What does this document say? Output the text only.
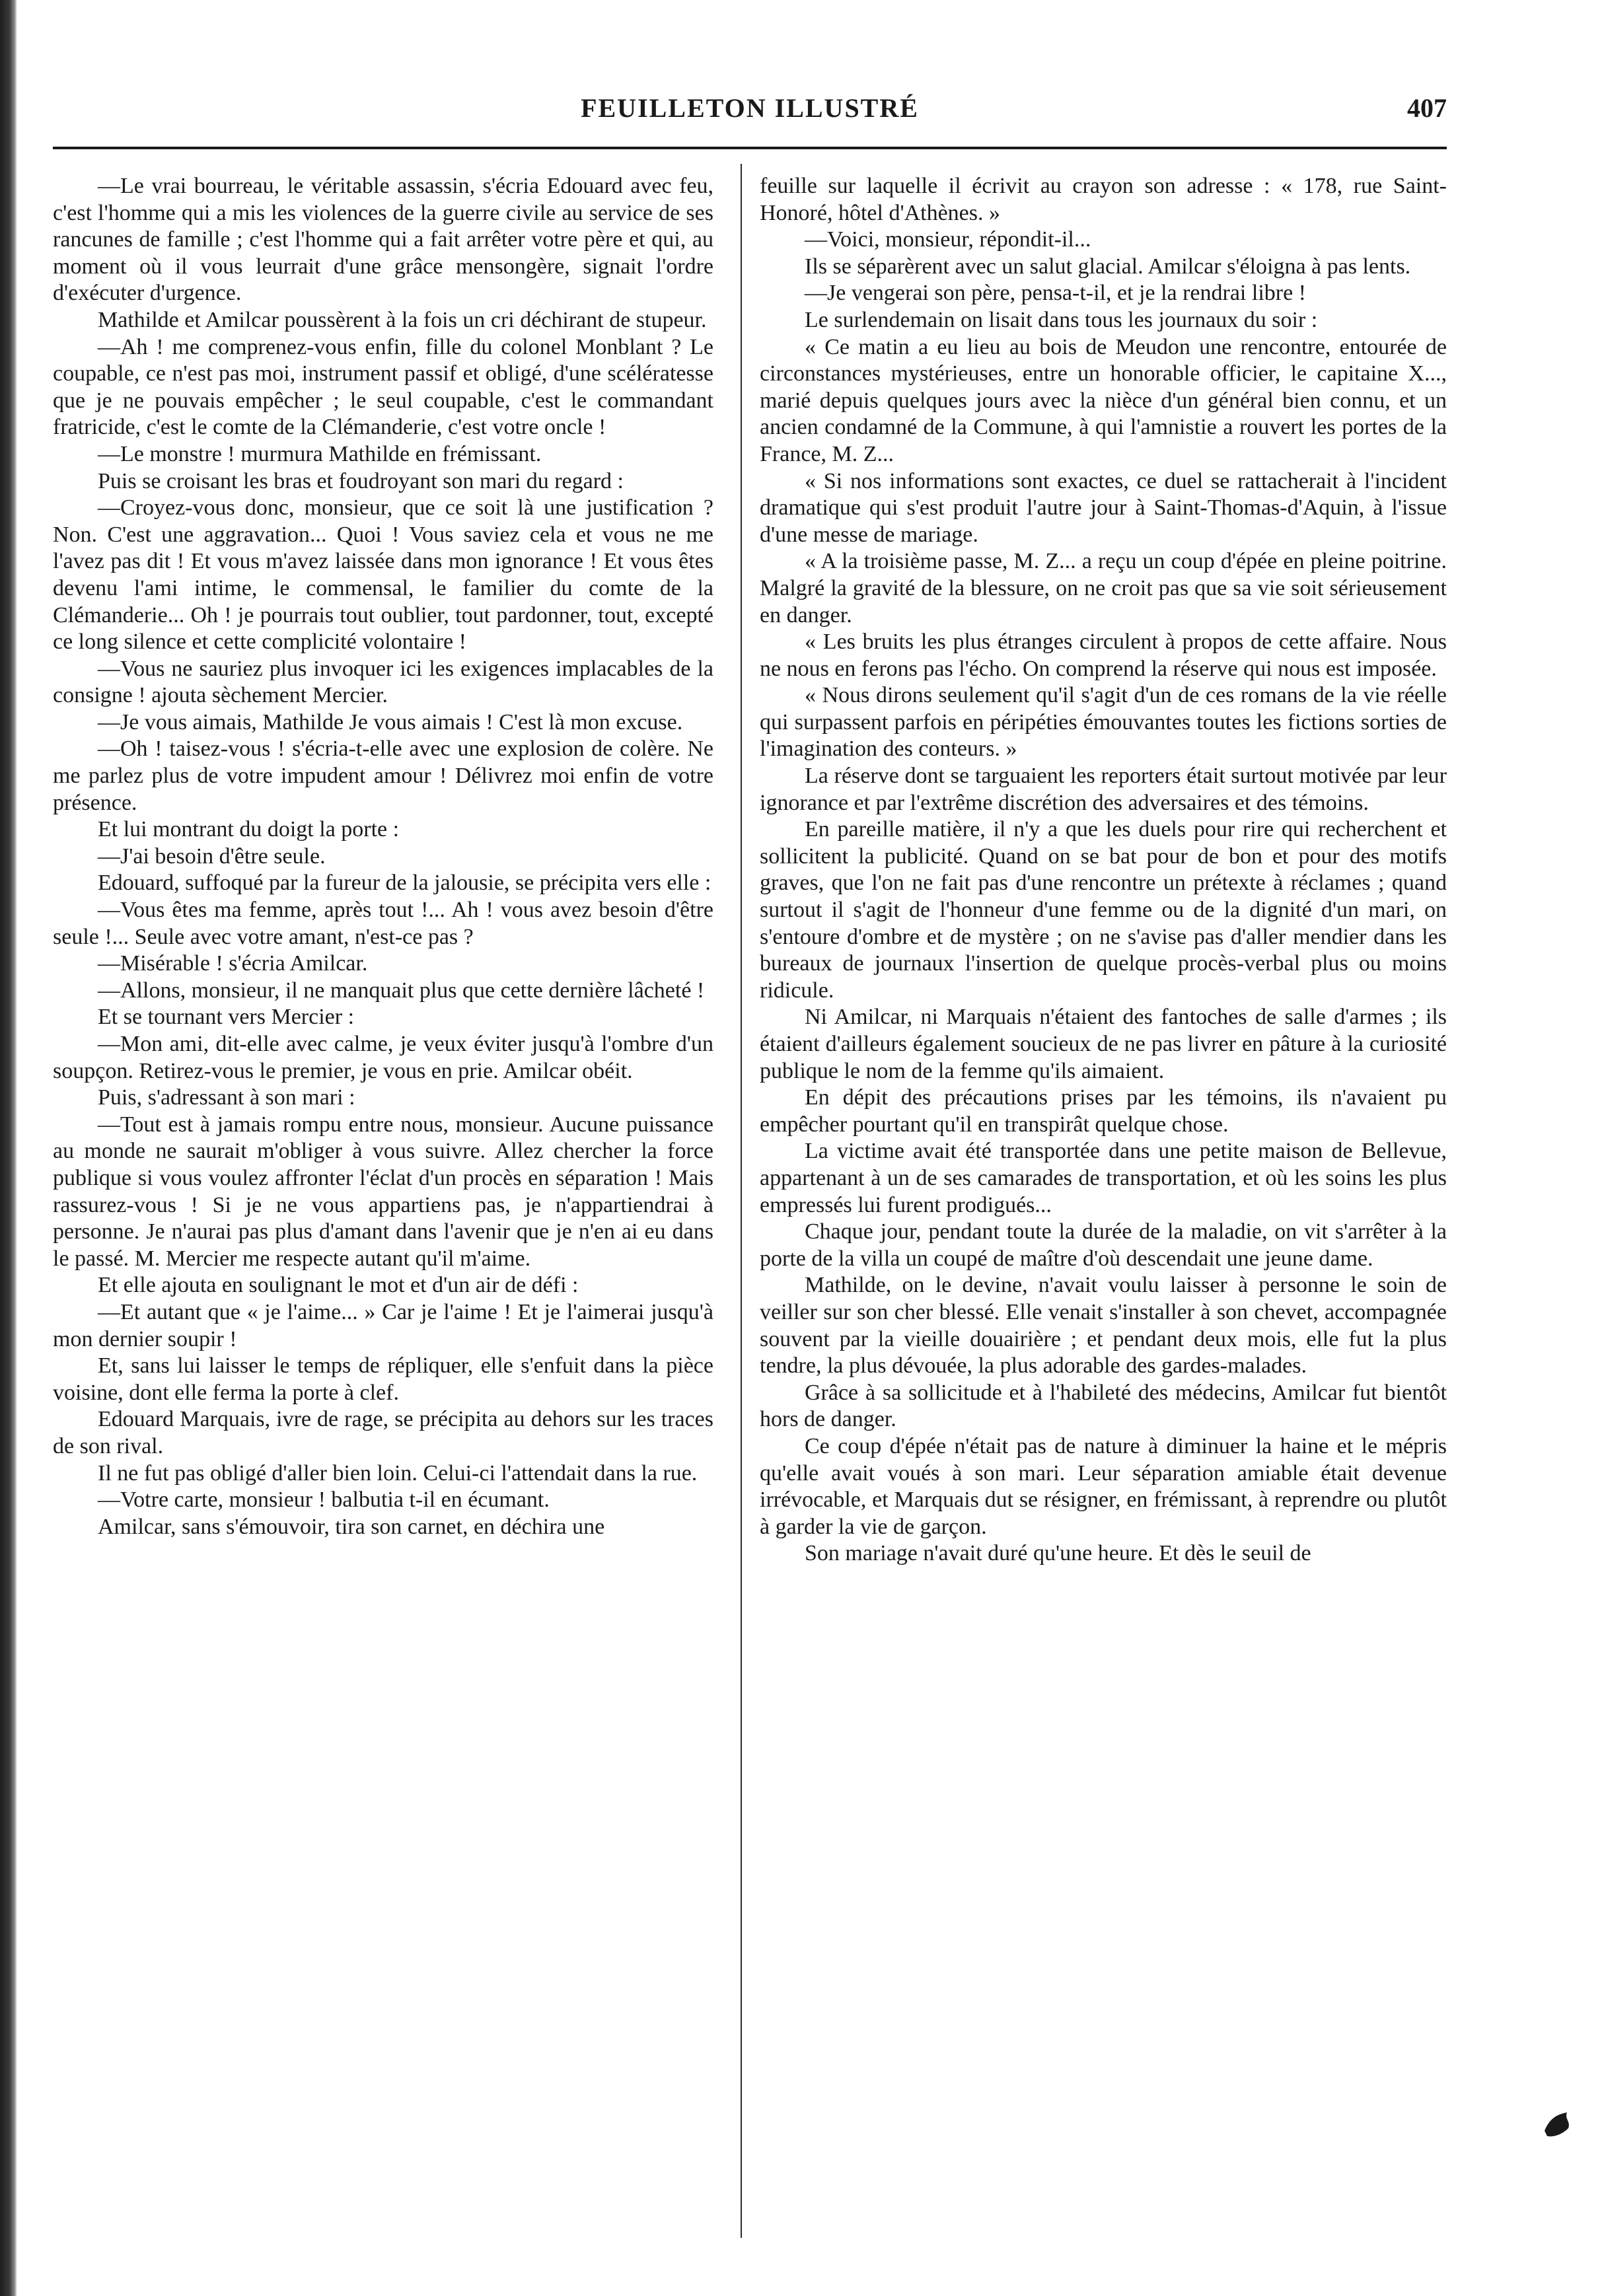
FEUILLETON ILLUSTRÉ	407

—Le vrai bourreau, le véritable assassin, s'écria Edouard avec feu, c'est l'homme qui a mis les violences de la guerre civile au service de ses rancunes de famille ; c'est l'homme qui a fait arrêter votre père et qui, au moment où il vous leurrait d'une grâce mensongère, signait l'ordre d'exécuter d'urgence.

Mathilde et Amilcar poussèrent à la fois un cri déchirant de stupeur.

—Ah ! me comprenez-vous enfin, fille du colonel Monblant ? Le coupable, ce n'est pas moi, instrument passif et obligé, d'une scélératesse que je ne pouvais empêcher ; le seul coupable, c'est le commandant fratricide, c'est le comte de la Clémanderie, c'est votre oncle !

—Le monstre ! murmura Mathilde en frémissant.

Puis se croisant les bras et foudroyant son mari du regard :

—Croyez-vous donc, monsieur, que ce soit là une justification ? Non. C'est une aggravation... Quoi ! Vous saviez cela et vous ne me l'avez pas dit ! Et vous m'avez laissée dans mon ignorance ! Et vous êtes devenu l'ami intime, le commensal, le familier du comte de la Clémanderie... Oh ! je pourrais tout oublier, tout pardonner, tout, excepté ce long silence et cette complicité volontaire !

—Vous ne sauriez plus invoquer ici les exigences implacables de la consigne ! ajouta sèchement Mercier.

—Je vous aimais, Mathilde Je vous aimais ! C'est là mon excuse.

—Oh ! taisez-vous ! s'écria-t-elle avec une explosion de colère. Ne me parlez plus de votre impudent amour ! Délivrez moi enfin de votre présence.

Et lui montrant du doigt la porte :

—J'ai besoin d'être seule.

Edouard, suffoqué par la fureur de la jalousie, se précipita vers elle :

—Vous êtes ma femme, après tout !... Ah ! vous avez besoin d'être seule !... Seule avec votre amant, n'est-ce pas ?

—Misérable ! s'écria Amilcar.

—Allons, monsieur, il ne manquait plus que cette dernière lâcheté !

Et se tournant vers Mercier :

—Mon ami, dit-elle avec calme, je veux éviter jusqu'à l'ombre d'un soupçon. Retirez-vous le premier, je vous en prie. Amilcar obéit.

Puis, s'adressant à son mari :

—Tout est à jamais rompu entre nous, monsieur. Aucune puissance au monde ne saurait m'obliger à vous suivre. Allez chercher la force publique si vous voulez affronter l'éclat d'un procès en séparation ! Mais rassurez-vous ! Si je ne vous appartiens pas, je n'appartiendrai à personne. Je n'aurai pas plus d'amant dans l'avenir que je n'en ai eu dans le passé. M. Mercier me respecte autant qu'il m'aime.

Et elle ajouta en soulignant le mot et d'un air de défi :

—Et autant que « je l'aime... » Car je l'aime ! Et je l'aimerai jusqu'à mon dernier soupir !

Et, sans lui laisser le temps de répliquer, elle s'enfuit dans la pièce voisine, dont elle ferma la porte à clef.

Edouard Marquais, ivre de rage, se précipita au dehors sur les traces de son rival.

Il ne fut pas obligé d'aller bien loin. Celui-ci l'attendait dans la rue.

—Votre carte, monsieur ! balbutia t-il en écumant.

Amilcar, sans s'émouvoir, tira son carnet, en déchira une

feuille sur laquelle il écrivit au crayon son adresse : « 178, rue Saint-Honoré, hôtel d'Athènes. »

—Voici, monsieur, répondit-il...

Ils se séparèrent avec un salut glacial. Amilcar s'éloigna à pas lents.

—Je vengerai son père, pensa-t-il, et je la rendrai libre !

Le surlendemain on lisait dans tous les journaux du soir :

« Ce matin a eu lieu au bois de Meudon une rencontre, entourée de circonstances mystérieuses, entre un honorable officier, le capitaine X..., marié depuis quelques jours avec la nièce d'un général bien connu, et un ancien condamné de la Commune, à qui l'amnistie a rouvert les portes de la France, M. Z...

« Si nos informations sont exactes, ce duel se rattacherait à l'incident dramatique qui s'est produit l'autre jour à Saint-Thomas-d'Aquin, à l'issue d'une messe de mariage.

« A la troisième passe, M. Z... a reçu un coup d'épée en pleine poitrine. Malgré la gravité de la blessure, on ne croit pas que sa vie soit sérieusement en danger.

« Les bruits les plus étranges circulent à propos de cette affaire. Nous ne nous en ferons pas l'écho. On comprend la réserve qui nous est imposée.

« Nous dirons seulement qu'il s'agit d'un de ces romans de la vie réelle qui surpassent parfois en péripéties émouvantes toutes les fictions sorties de l'imagination des conteurs. »

La réserve dont se targuaient les reporters était surtout motivée par leur ignorance et par l'extrême discrétion des adversaires et des témoins.

En pareille matière, il n'y a que les duels pour rire qui recherchent et sollicitent la publicité. Quand on se bat pour de bon et pour des motifs graves, que l'on ne fait pas d'une rencontre un prétexte à réclames ; quand surtout il s'agit de l'honneur d'une femme ou de la dignité d'un mari, on s'entoure d'ombre et de mystère ; on ne s'avise pas d'aller mendier dans les bureaux de journaux l'insertion de quelque procès-verbal plus ou moins ridicule.

Ni Amilcar, ni Marquais n'étaient des fantoches de salle d'armes ; ils étaient d'ailleurs également soucieux de ne pas livrer en pâture à la curiosité publique le nom de la femme qu'ils aimaient.

En dépit des précautions prises par les témoins, ils n'avaient pu empêcher pourtant qu'il en transpirât quelque chose.

La victime avait été transportée dans une petite maison de Bellevue, appartenant à un de ses camarades de transportation, et où les soins les plus empressés lui furent prodigués...

Chaque jour, pendant toute la durée de la maladie, on vit s'arrêter à la porte de la villa un coupé de maître d'où descendait une jeune dame.

Mathilde, on le devine, n'avait voulu laisser à personne le soin de veiller sur son cher blessé. Elle venait s'installer à son chevet, accompagnée souvent par la vieille douairière ; et pendant deux mois, elle fut la plus tendre, la plus dévouée, la plus adorable des gardes-malades.

Grâce à sa sollicitude et à l'habileté des médecins, Amilcar fut bientôt hors de danger.

Ce coup d'épée n'était pas de nature à diminuer la haine et le mépris qu'elle avait voués à son mari. Leur séparation amiable était devenue irrévocable, et Marquais dut se résigner, en frémissant, à reprendre ou plutôt à garder la vie de garçon.

Son mariage n'avait duré qu'une heure. Et dès le seuil de
